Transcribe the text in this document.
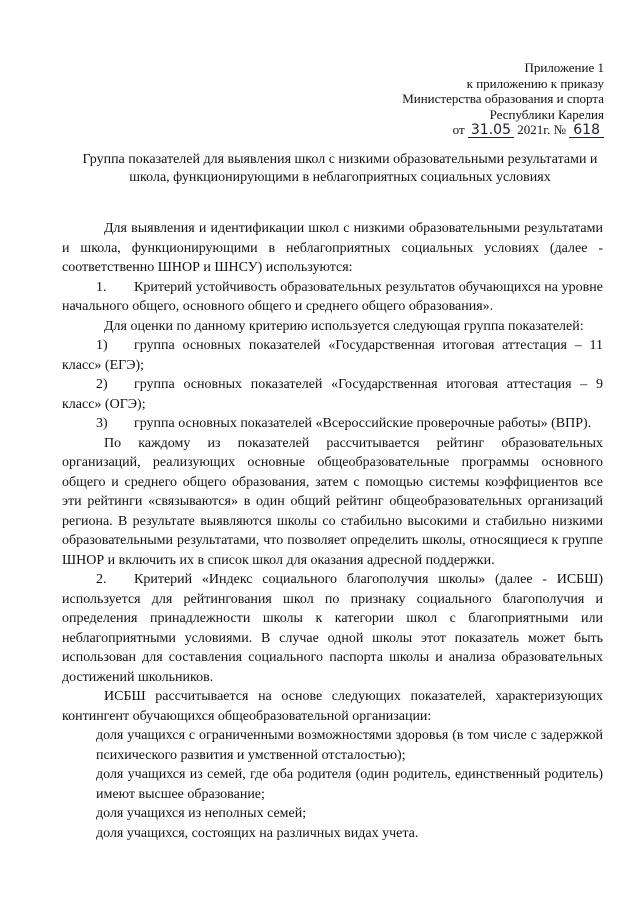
Приложение 1
к приложению к приказу
Министерства образования и спорта
Республики Карелия
от 31.05 2021г. № 618
Группа показателей для выявления школ с низкими образовательными результатами и школа, функционирующими в неблагоприятных социальных условиях

Для выявления и идентификации школ с низкими образовательными результатами и школа, функционирующими в неблагоприятных социальных условиях (далее - соответственно ШНОР и ШНСУ) используются:

1. Критерий устойчивость образовательных результатов обучающихся на уровне начального общего, основного общего и среднего общего образования».

Для оценки по данному критерию используется следующая группа показателей:

1) группа основных показателей «Государственная итоговая аттестация – 11 класс» (ЕГЭ);

2) группа основных показателей «Государственная итоговая аттестация – 9 класс» (ОГЭ);

3) группа основных показателей «Всероссийские проверочные работы» (ВПР).

По каждому из показателей рассчитывается рейтинг образовательных организаций, реализующих основные общеобразовательные программы основного общего и среднего общего образования, затем с помощью системы коэффициентов все эти рейтинги «связываются» в один общий рейтинг общеобразовательных организаций региона. В результате выявляются школы со стабильно высокими и стабильно низкими образовательными результатами, что позволяет определить школы, относящиеся к группе ШНОР и включить их в список школ для оказания адресной поддержки.

2. Критерий «Индекс социального благополучия школы» (далее - ИСБШ) используется для рейтингования школ по признаку социального благополучия и определения принадлежности школы к категории школ с благоприятными или неблагоприятными условиями. В случае одной школы этот показатель может быть использован для составления социального паспорта школы и анализа образовательных достижений школьников.

ИСБШ рассчитывается на основе следующих показателей, характеризующих контингент обучающихся общеобразовательной организации:

доля учащихся с ограниченными возможностями здоровья (в том числе с задержкой психического развития и умственной отсталостью);

доля учащихся из семей, где оба родителя (один родитель, единственный родитель) имеют высшее образование;

доля учащихся из неполных семей;

доля учащихся, состоящих на различных видах учета.
